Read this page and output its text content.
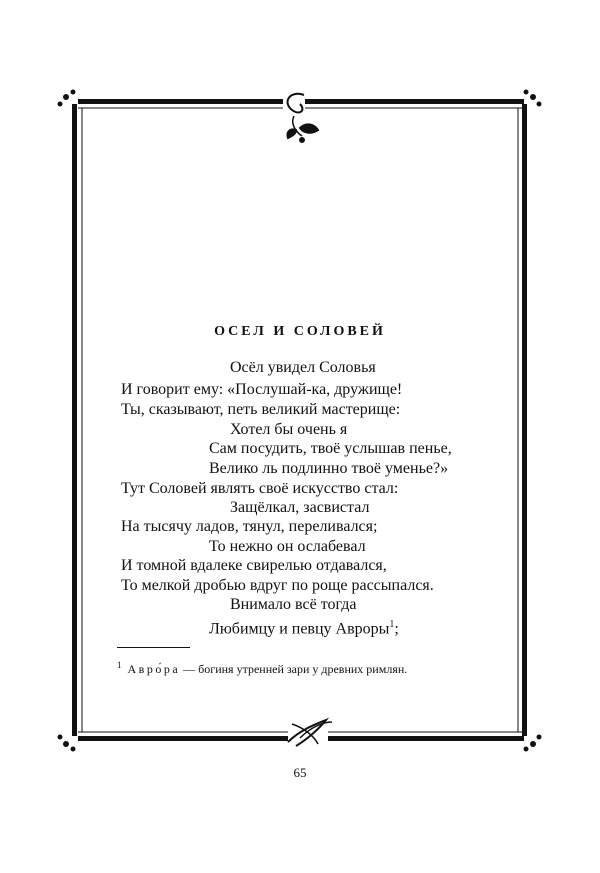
ОСЕЛ И СОЛОВЕЙ
Осёл увидел Соловья
И говорит ему: «Послушай-ка, дружище!
Ты, сказывают, петь великий мастерище:
Хотел бы очень я
Сам посудить, твоё услышав пенье,
Велико ль подлинно твоё уменье?»
Тут Соловей являть своё искусство стал:
Защёлкал, засвистал
На тысячу ладов, тянул, переливался;
То нежно он ослабевал
И томной вдалеке свирелью отдавался,
То мелкой дробью вдруг по роще рассыпался.
Внимало всё тогда
Любимцу и певцу Авроры$^1$;
$^1$ Авро́ра — богиня утренней зари у древних римлян.
65
